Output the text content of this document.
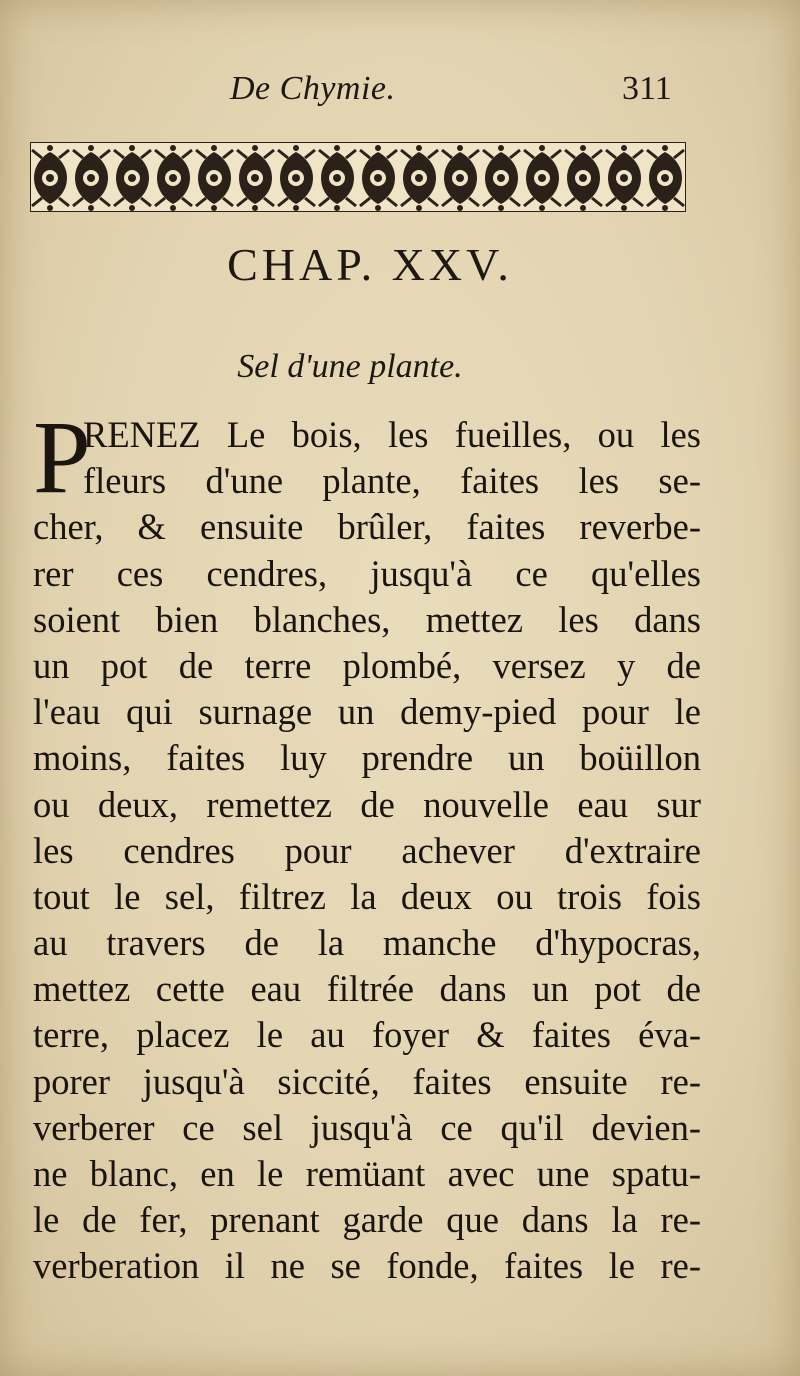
De Chymie.	311
CHAP. XXV.
Sel d'une plante.
P
RENEZ Le bois, les fueilles, ou les
fleurs d'une plante, faites les se-
cher, & ensuite brûler, faites reverbe-
rer ces cendres, jusqu'à ce qu'elles
soient bien blanches, mettez les dans
un pot de terre plombé, versez y de
l'eau qui surnage un demy-pied pour le
moins, faites luy prendre un boüillon
ou deux, remettez de nouvelle eau sur
les cendres pour achever d'extraire
tout le sel, filtrez la deux ou trois fois
au travers de la manche d'hypocras,
mettez cette eau filtrée dans un pot de
terre, placez le au foyer & faites éva-
porer jusqu'à siccité, faites ensuite re-
verberer ce sel jusqu'à ce qu'il devien-
ne blanc, en le remüant avec une spatu-
le de fer, prenant garde que dans la re-
verberation il ne se fonde, faites le re-
